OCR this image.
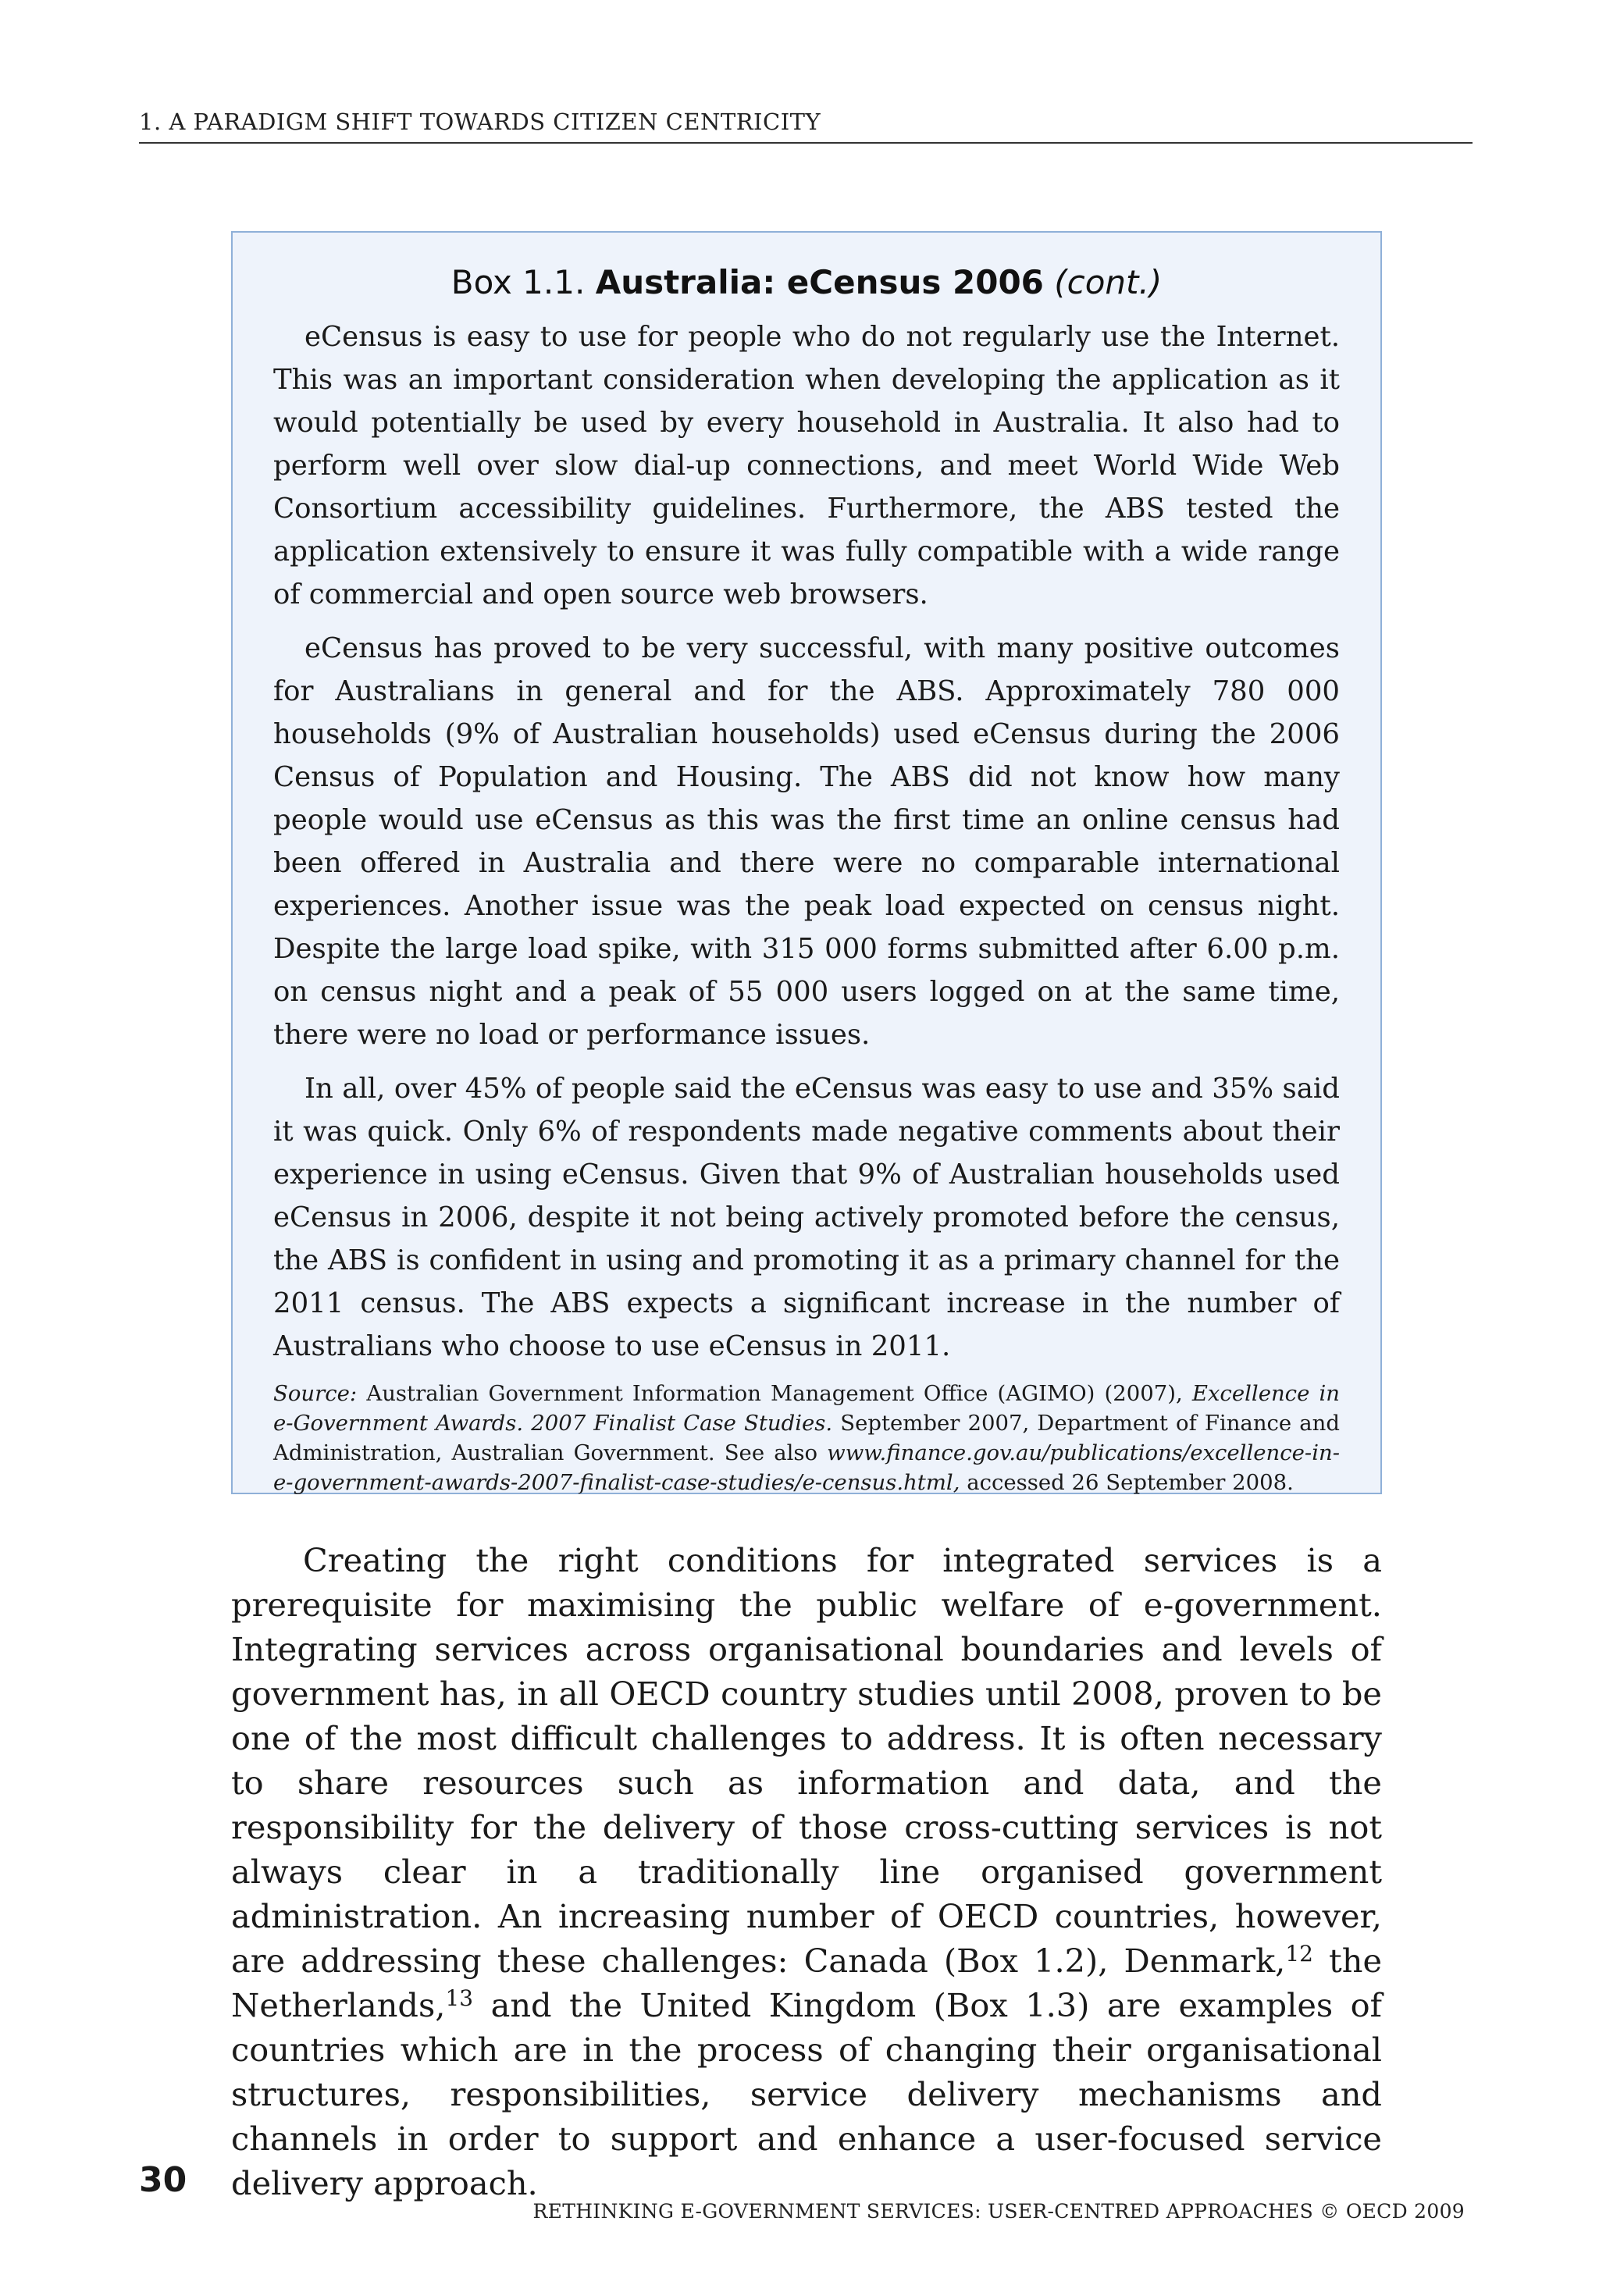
1. A PARADIGM SHIFT TOWARDS CITIZEN CENTRICITY
Box 1.1. Australia: eCensus 2006 (cont.)

eCensus is easy to use for people who do not regularly use the Internet. This was an important consideration when developing the application as it would potentially be used by every household in Australia. It also had to perform well over slow dial-up connections, and meet World Wide Web Consortium accessibility guidelines. Furthermore, the ABS tested the application extensively to ensure it was fully compatible with a wide range of commercial and open source web browsers.

eCensus has proved to be very successful, with many positive outcomes for Australians in general and for the ABS. Approximately 780 000 households (9% of Australian households) used eCensus during the 2006 Census of Population and Housing. The ABS did not know how many people would use eCensus as this was the first time an online census had been offered in Australia and there were no comparable international experiences. Another issue was the peak load expected on census night. Despite the large load spike, with 315 000 forms submitted after 6.00 p.m. on census night and a peak of 55 000 users logged on at the same time, there were no load or performance issues.

In all, over 45% of people said the eCensus was easy to use and 35% said it was quick. Only 6% of respondents made negative comments about their experience in using eCensus. Given that 9% of Australian households used eCensus in 2006, despite it not being actively promoted before the census, the ABS is confident in using and promoting it as a primary channel for the 2011 census. The ABS expects a significant increase in the number of Australians who choose to use eCensus in 2011.

Source: Australian Government Information Management Office (AGIMO) (2007), Excellence in e-Government Awards. 2007 Finalist Case Studies. September 2007, Department of Finance and Administration, Australian Government. See also www.finance.gov.au/publications/excellence-in-e-government-awards-2007-finalist-case-studies/e-census.html, accessed 26 September 2008.

Creating the right conditions for integrated services is a prerequisite for maximising the public welfare of e-government. Integrating services across organisational boundaries and levels of government has, in all OECD country studies until 2008, proven to be one of the most difficult challenges to address. It is often necessary to share resources such as information and data, and the responsibility for the delivery of those cross-cutting services is not always clear in a traditionally line organised government administration. An increasing number of OECD countries, however, are addressing these challenges: Canada (Box 1.2), Denmark,$^{12}$ the Netherlands,$^{13}$ and the United Kingdom (Box 1.3) are examples of countries which are in the process of changing their organisational structures, responsibilities, service delivery mechanisms and channels in order to support and enhance a user-focused service delivery approach.

30
RETHINKING E-GOVERNMENT SERVICES: USER-CENTRED APPROACHES © OECD 2009
